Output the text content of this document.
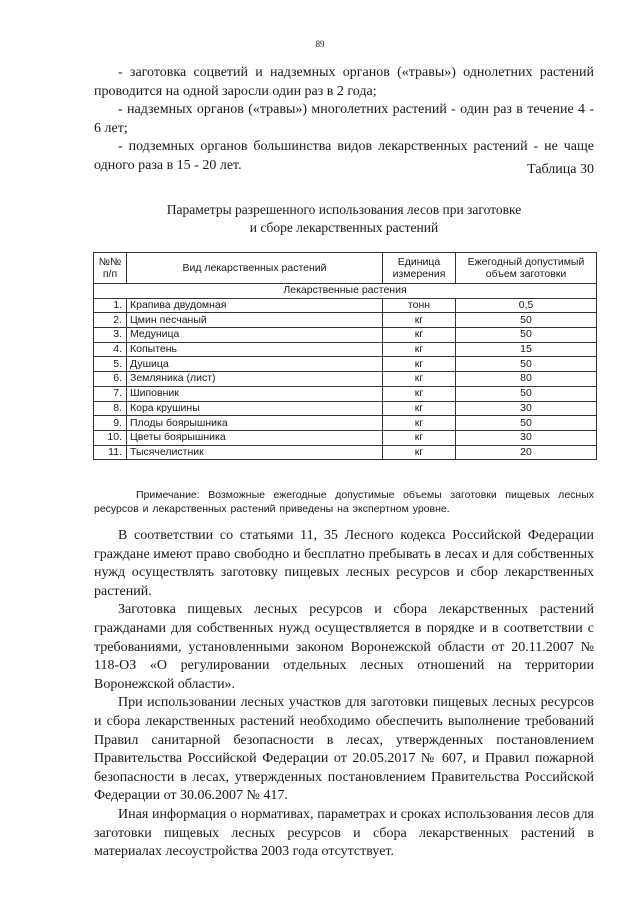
89

- заготовка соцветий и надземных органов («травы») однолетних растений проводится на одной заросли один раз в 2 года;

- надземных органов («травы») многолетних растений - один раз в течение 4 - 6 лет;

- подземных органов большинства видов лекарственных растений - не чаще одного раза в 15 - 20 лет.	Таблица 30
Параметры разрешенного использования лесов при заготовке
и сборе лекарственных растений
№№ п/п	Вид лекарственных растений	Единица измерения	Ежегодный допустимый объем заготовки
Лекарственные растения			
1.	Крапива двудомная	тонн	0,5
2.	Цмин песчаный	кг	50
3.	Медуница	кг	50
4.	Копытень	кг	15
5.	Душица	кг	50
6.	Земляника (лист)	кг	80
7.	Шиповник	кг	50
8.	Кора крушины	кг	30
9.	Плоды боярышника	кг	50
10.	Цветы боярышника	кг	30
11.	Тысячелистник	кг	20

Примечание: Возможные ежегодные допустимые объемы заготовки пищевых лесных ресурсов и лекарственных растений приведены на экспертном уровне.

В соответствии со статьями 11, 35 Лесного кодекса Российской Федерации граждане имеют право свободно и бесплатно пребывать в лесах и для собственных нужд осуществлять заготовку пищевых лесных ресурсов и сбор лекарственных растений.

Заготовка пищевых лесных ресурсов и сбора лекарственных растений гражданами для собственных нужд осуществляется в порядке и в соответствии с требованиями, установленными законом Воронежской области от 20.11.2007 № 118-ОЗ «О регулировании отдельных лесных отношений на территории Воронежской области».

При использовании лесных участков для заготовки пищевых лесных ресурсов и сбора лекарственных растений необходимо обеспечить выполнение требований Правил санитарной безопасности в лесах, утвержденных постановлением Правительства Российской Федерации от 20.05.2017 № 607, и Правил пожарной безопасности в лесах, утвержденных постановлением Правительства Российской Федерации от 30.06.2007 № 417.

Иная информация о нормативах, параметрах и сроках использования лесов для заготовки пищевых лесных ресурсов и сбора лекарственных растений в материалах лесоустройства 2003 года отсутствует.
